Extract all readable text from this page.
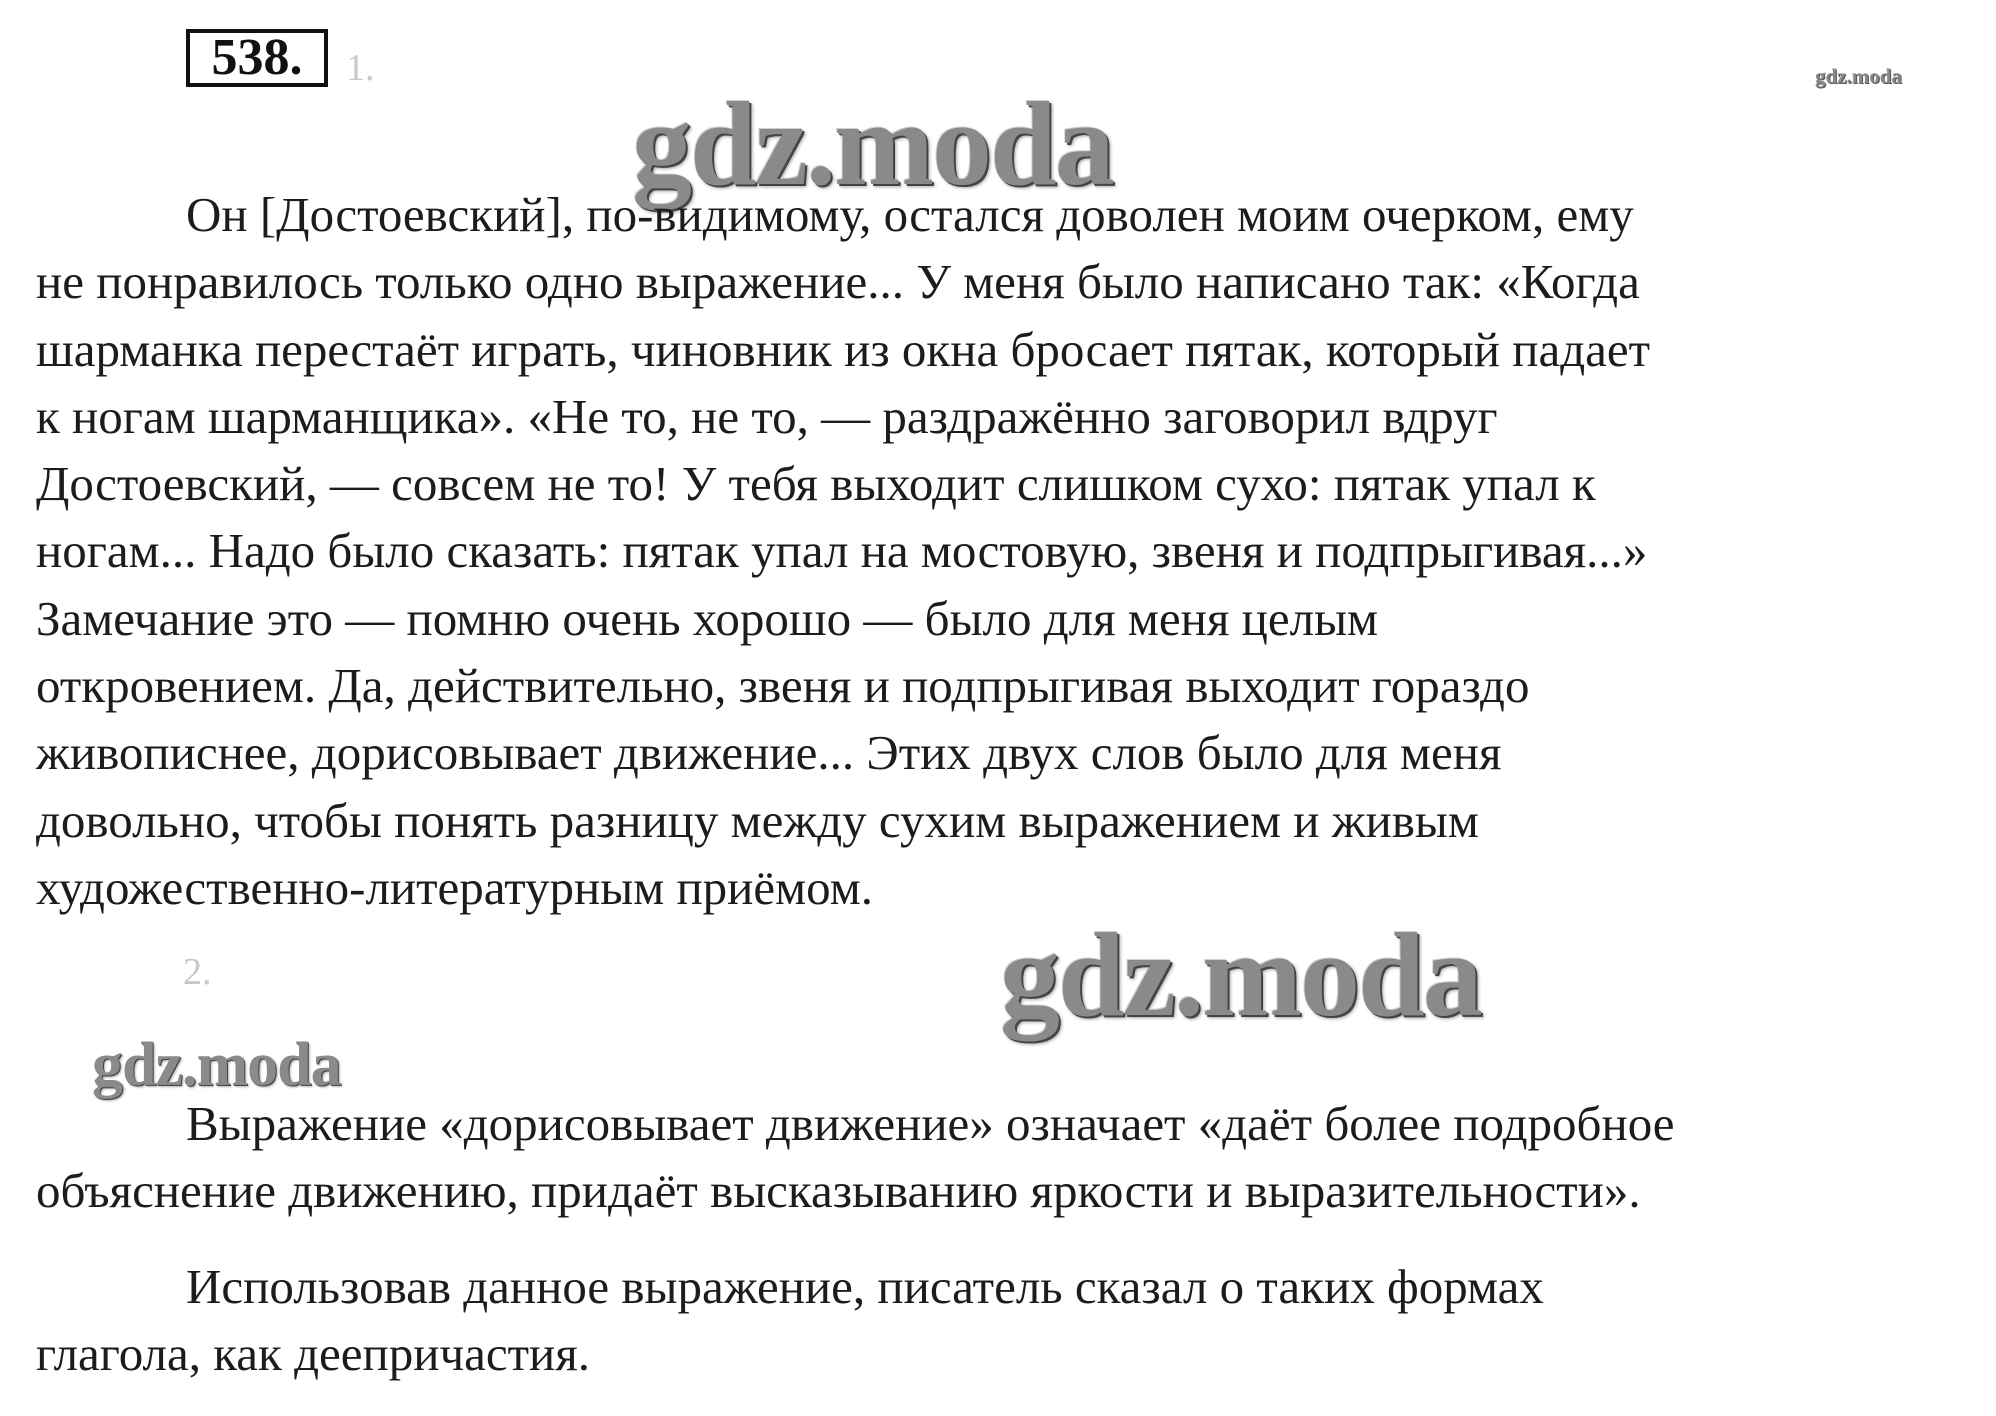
538.	1.	gdz.moda
gdz.moda

Он [Достоевский], по-видимому, остался доволен моим очерком, ему
не понравилось только одно выражение... У меня было написано так: «Когда
шарманка перестаёт играть, чиновник из окна бросает пятак, который падает
к ногам шарманщика». «Не то, не то, — раздражённо заговорил вдруг
Достоевский, — совсем не то! У тебя выходит слишком сухо: пятак упал к
ногам... Надо было сказать: пятак упал на мостовую, звеня и подпрыгивая...»
Замечание это — помню очень хорошо — было для меня целым
откровением. Да, действительно, звеня и подпрыгивая выходит гораздо
живописнее, дорисовывает движение... Этих двух слов было для меня
довольно, чтобы понять разницу между сухим выражением и живым
художественно-литературным приёмом.

2.	gdz.moda
gdz.moda

Выражение «дорисовывает движение» означает «даёт более подробное
объяснение движению, придаёт высказыванию яркости и выразительности».

Использовав данное выражение, писатель сказал о таких формах
глагола, как деепричастия.
